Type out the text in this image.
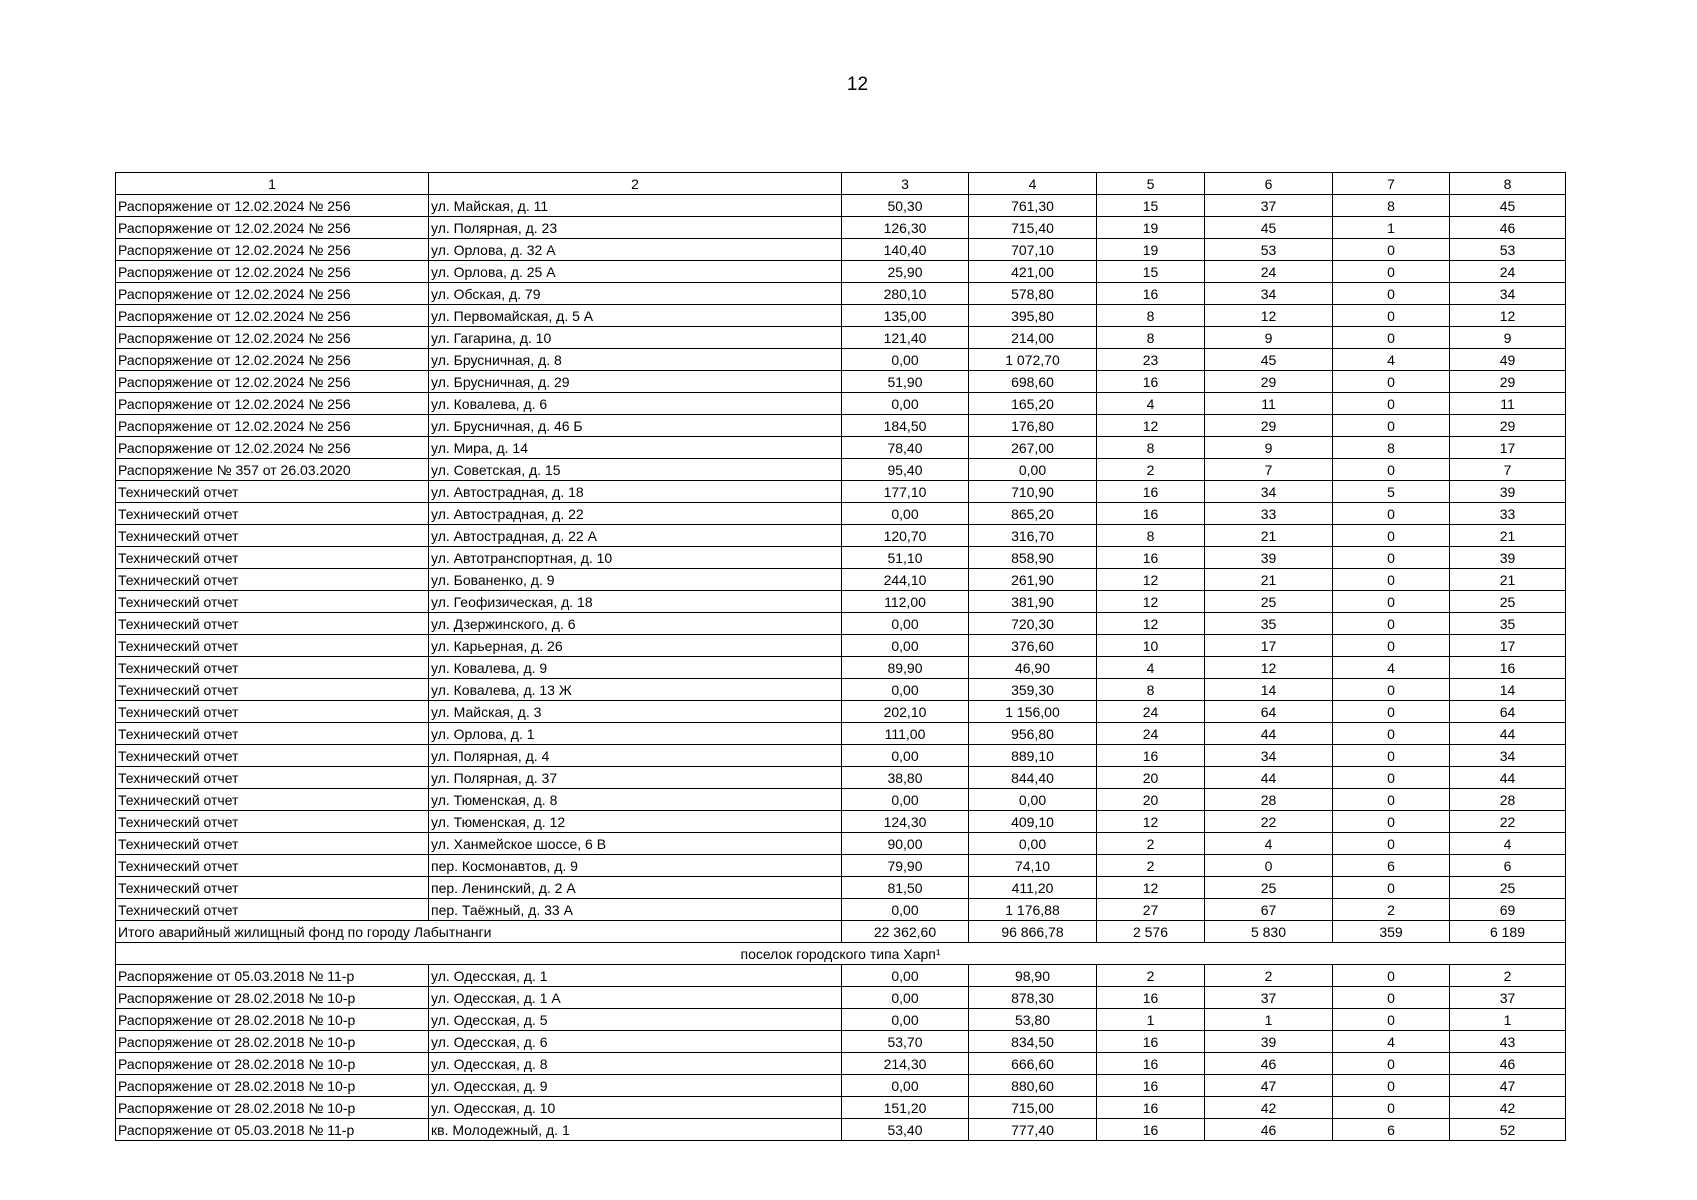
12
1	2	3	4	5	6	7	8
Распоряжение от 12.02.2024 № 256	ул. Майская, д. 11	50,30	761,30	15	37	8	45
Распоряжение от 12.02.2024 № 256	ул. Полярная, д. 23	126,30	715,40	19	45	1	46
Распоряжение от 12.02.2024 № 256	ул. Орлова, д. 32 А	140,40	707,10	19	53	0	53
Распоряжение от 12.02.2024 № 256	ул. Орлова, д. 25 А	25,90	421,00	15	24	0	24
Распоряжение от 12.02.2024 № 256	ул. Обская, д. 79	280,10	578,80	16	34	0	34
Распоряжение от 12.02.2024 № 256	ул. Первомайская, д. 5 А	135,00	395,80	8	12	0	12
Распоряжение от 12.02.2024 № 256	ул. Гагарина, д. 10	121,40	214,00	8	9	0	9
Распоряжение от 12.02.2024 № 256	ул. Брусничная, д. 8	0,00	1 072,70	23	45	4	49
Распоряжение от 12.02.2024 № 256	ул. Брусничная, д. 29	51,90	698,60	16	29	0	29
Распоряжение от 12.02.2024 № 256	ул. Ковалева, д. 6	0,00	165,20	4	11	0	11
Распоряжение от 12.02.2024 № 256	ул. Брусничная, д. 46 Б	184,50	176,80	12	29	0	29
Распоряжение от 12.02.2024 № 256	ул. Мира, д. 14	78,40	267,00	8	9	8	17
Распоряжение № 357 от 26.03.2020	ул. Советская, д. 15	95,40	0,00	2	7	0	7
Технический отчет	ул. Автострадная, д. 18	177,10	710,90	16	34	5	39
Технический отчет	ул. Автострадная, д. 22	0,00	865,20	16	33	0	33
Технический отчет	ул. Автострадная, д. 22 А	120,70	316,70	8	21	0	21
Технический отчет	ул. Автотранспортная, д. 10	51,10	858,90	16	39	0	39
Технический отчет	ул. Бованенко, д. 9	244,10	261,90	12	21	0	21
Технический отчет	ул. Геофизическая, д. 18	112,00	381,90	12	25	0	25
Технический отчет	ул. Дзержинского, д. 6	0,00	720,30	12	35	0	35
Технический отчет	ул. Карьерная, д. 26	0,00	376,60	10	17	0	17
Технический отчет	ул. Ковалева, д. 9	89,90	46,90	4	12	4	16
Технический отчет	ул. Ковалева, д. 13 Ж	0,00	359,30	8	14	0	14
Технический отчет	ул. Майская, д. 3	202,10	1 156,00	24	64	0	64
Технический отчет	ул. Орлова, д. 1	111,00	956,80	24	44	0	44
Технический отчет	ул. Полярная, д. 4	0,00	889,10	16	34	0	34
Технический отчет	ул. Полярная, д. 37	38,80	844,40	20	44	0	44
Технический отчет	ул. Тюменская, д. 8	0,00	0,00	20	28	0	28
Технический отчет	ул. Тюменская, д. 12	124,30	409,10	12	22	0	22
Технический отчет	ул. Ханмейское шоссе, 6 В	90,00	0,00	2	4	0	4
Технический отчет	пер. Космонавтов, д. 9	79,90	74,10	2	0	6	6
Технический отчет	пер. Ленинский, д. 2 А	81,50	411,20	12	25	0	25
Технический отчет	пер. Таёжный, д. 33 А	0,00	1 176,88	27	67	2	69
Итого аварийный жилищный фонд по городу Лабытнанги		22 362,60	96 866,78	2 576	5 830	359	6 189
поселок городского типа Харп¹							
Распоряжение от 05.03.2018 № 11-р	ул. Одесская, д. 1	0,00	98,90	2	2	0	2
Распоряжение от 28.02.2018 № 10-р	ул. Одесская, д. 1 А	0,00	878,30	16	37	0	37
Распоряжение от 28.02.2018 № 10-р	ул. Одесская, д. 5	0,00	53,80	1	1	0	1
Распоряжение от 28.02.2018 № 10-р	ул. Одесская, д. 6	53,70	834,50	16	39	4	43
Распоряжение от 28.02.2018 № 10-р	ул. Одесская, д. 8	214,30	666,60	16	46	0	46
Распоряжение от 28.02.2018 № 10-р	ул. Одесская, д. 9	0,00	880,60	16	47	0	47
Распоряжение от 28.02.2018 № 10-р	ул. Одесская, д. 10	151,20	715,00	16	42	0	42
Распоряжение от 05.03.2018 № 11-р	кв. Молодежный, д. 1	53,40	777,40	16	46	6	52
